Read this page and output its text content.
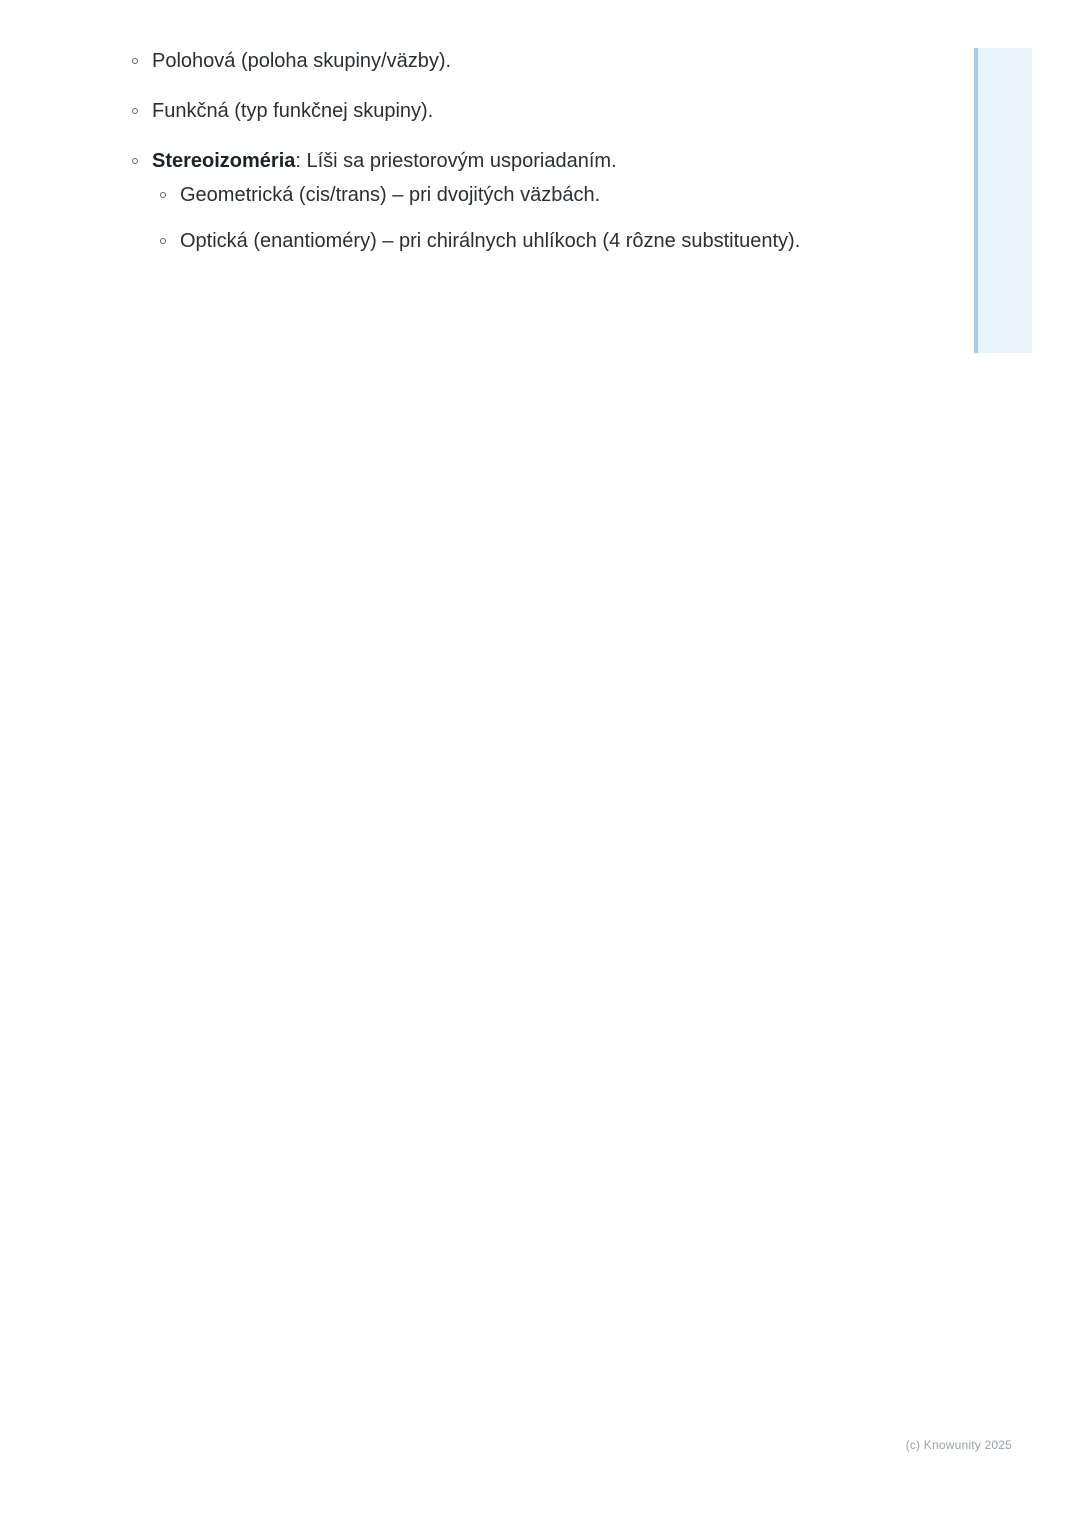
Polohová (poloha skupiny/väzby).
Funkčná (typ funkčnej skupiny).
Stereoizoméria: Líši sa priestorovým usporiadaním.
Geometrická (cis/trans) – pri dvojitých väzbách.
Optická (enantioméry) – pri chirálnych uhlíkoch (4 rôzne substituenty).
(c) Knowunity 2025
